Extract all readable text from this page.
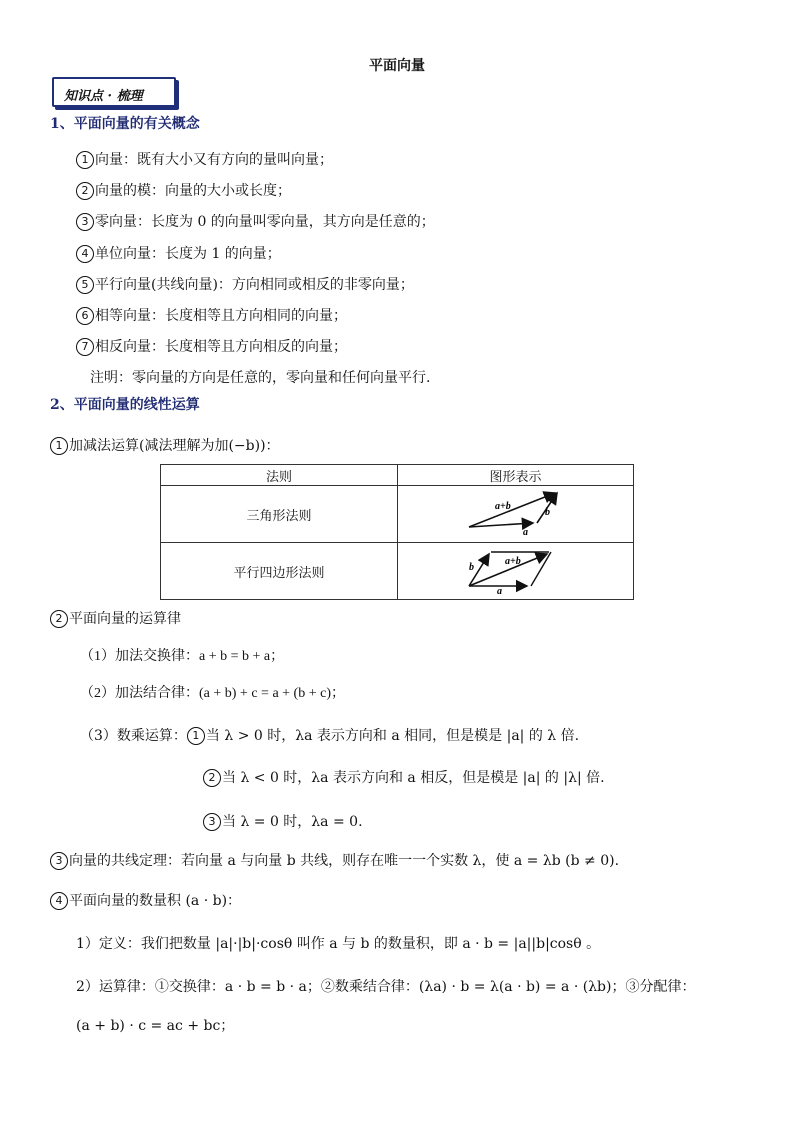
平面向量
知识点 · 梳理
1、平面向量的有关概念
1 向量：既有大小又有方向的量叫向量；
2 向量的模：向量的大小或长度；
3 零向量：长度为 0 的向量叫零向量，其方向是任意的；
4 单位向量：长度为 1 的向量；
5 平行向量(共线向量)：方向相同或相反的非零向量；
6 相等向量：长度相等且方向相同的向量；
7 相反向量：长度相等且方向相反的向量；
注明：零向量的方向是任意的，零向量和任何向量平行.
2、平面向量的线性运算
1 加减法运算(减法理解为加(−b))：
法则	图形表示
三角形法则	a+b
b
a

平行四边形法则	a+b
b
a
2 平面向量的运算律
（1）加法交换律：a + b = b + a；
（2）加法结合律：(a + b) + c = a + (b + c)；
（3）数乘运算： 1 当 λ > 0 时，λa 表示方向和 a 相同，但是模是 |a| 的 λ 倍.
2 当 λ < 0 时，λa 表示方向和 a 相反，但是模是 |a| 的 |λ| 倍.
3 当 λ = 0 时，λa = 0.
3 向量的共线定理：若向量 a 与向量 b 共线，则存在唯一一个实数 λ，使 a = λb (b ≠ 0).
4 平面向量的数量积 (a · b)：
1）定义：我们把数量 |a|·|b|·cosθ 叫作 a 与 b 的数量积，即 a · b = |a||b|cosθ 。
2）运算律：①交换律：a · b = b · a；②数乘结合律：(λa) · b = λ(a · b) = a · (λb)；③分配律：
(a + b) · c = ac + bc；
